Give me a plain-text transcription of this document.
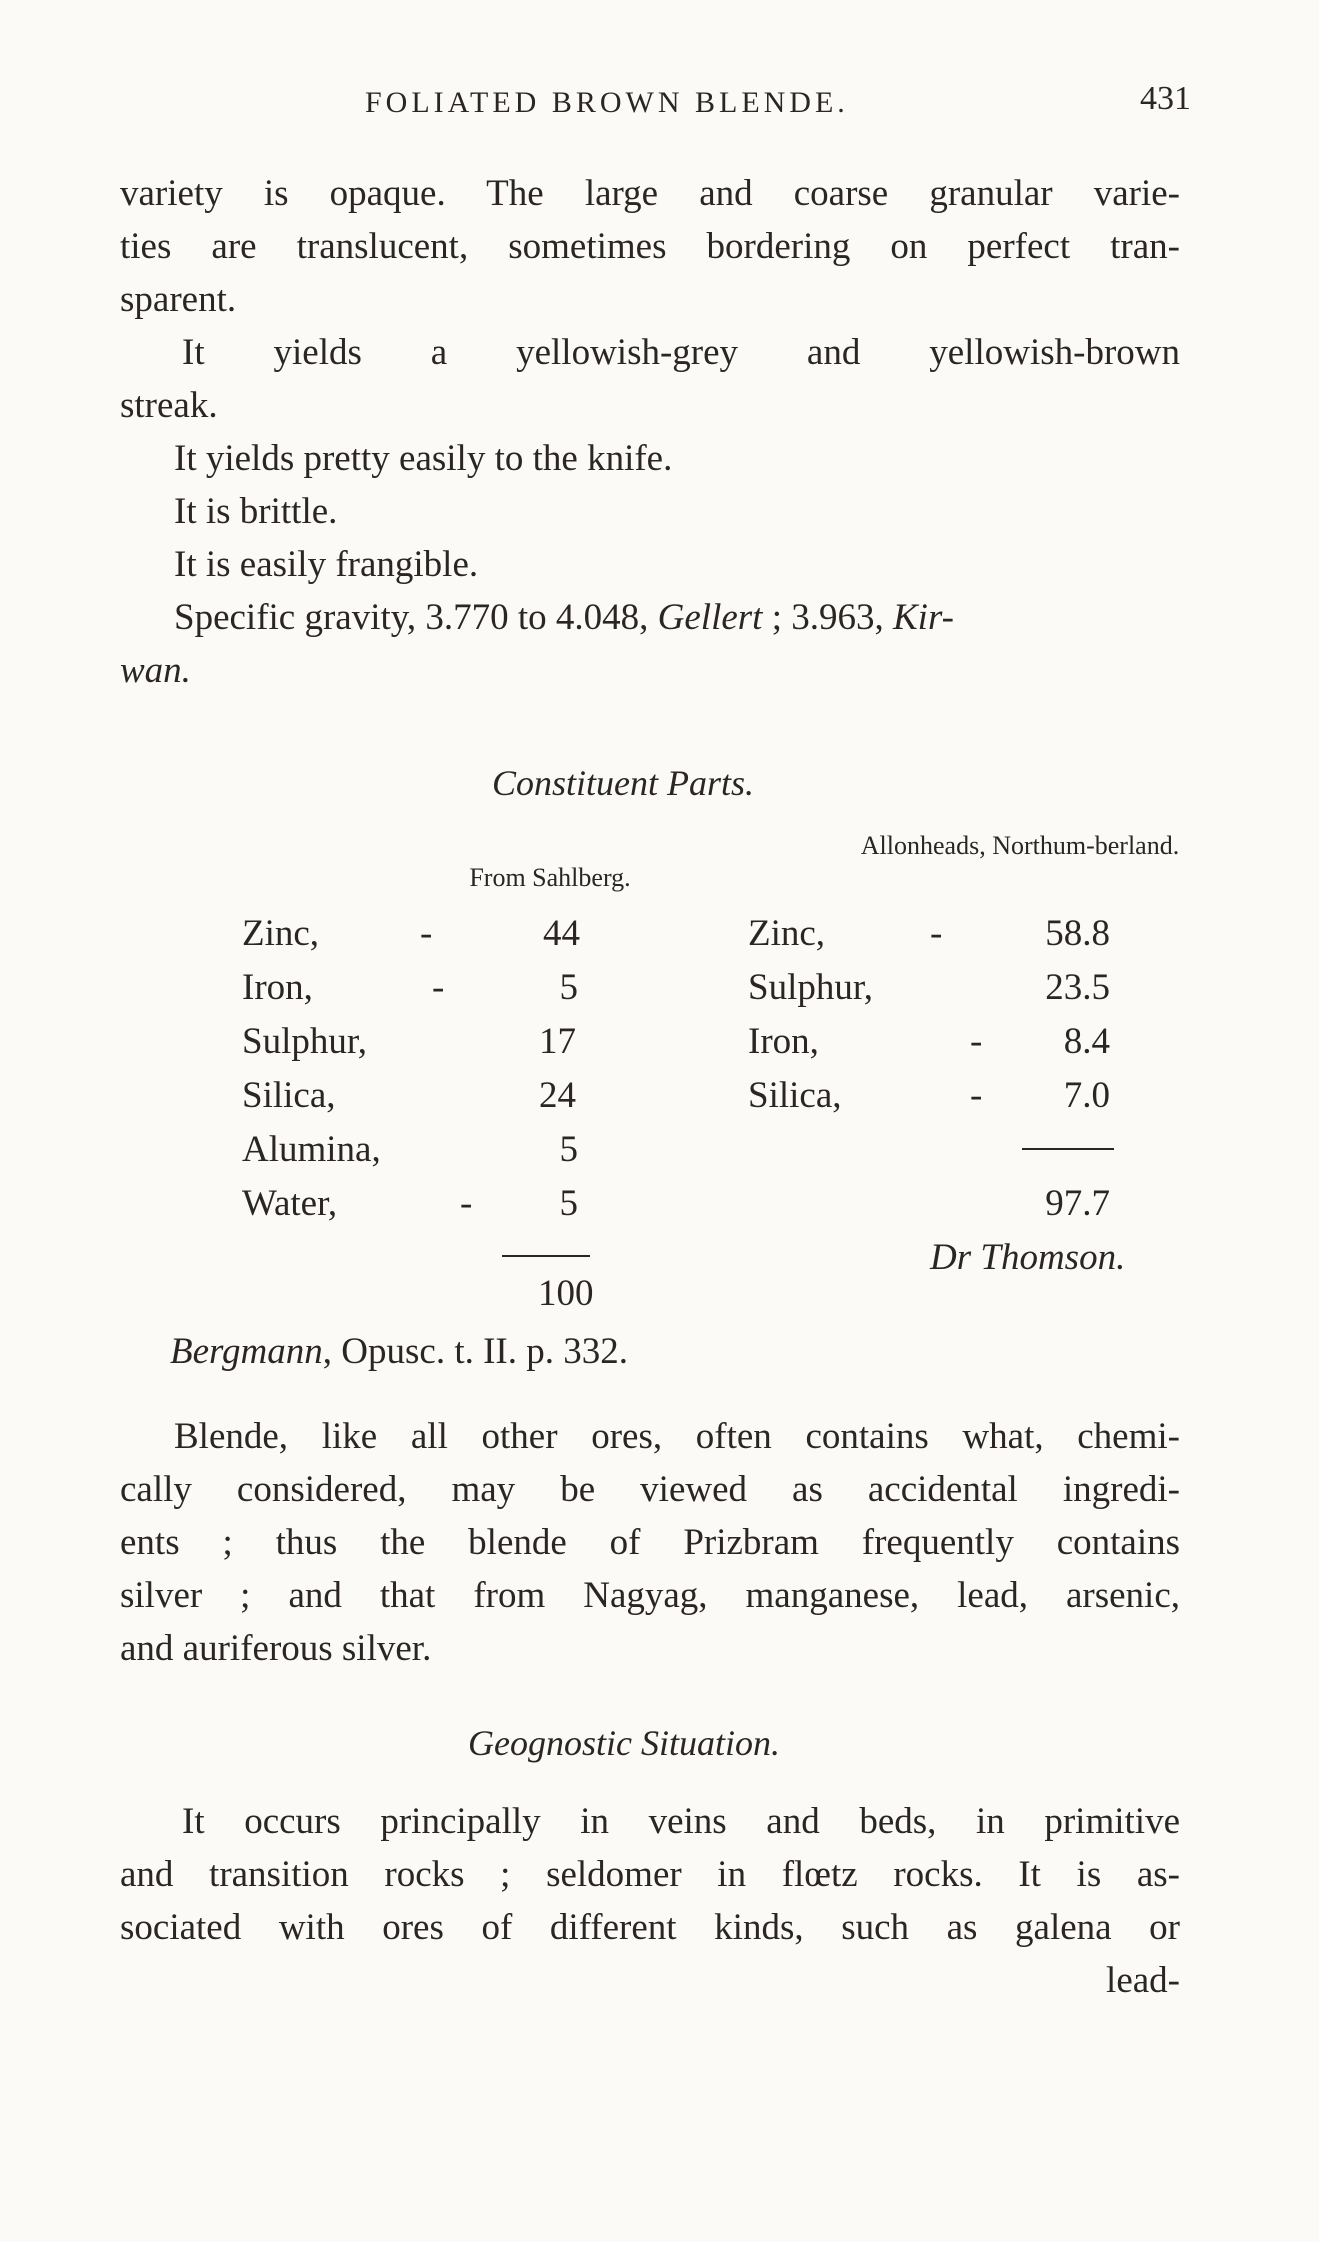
FOLIATED BROWN BLENDE.	431
variety is opaque. The large and coarse granular varie-
ties are translucent, sometimes bordering on perfect tran-
sparent.
It yields a yellowish-grey and yellowish-brown
streak.
It yields pretty easily to the knife.
It is brittle.
It is easily frangible.
Specific gravity, 3.770 to 4.048, Gellert ; 3.963, Kir-
wan.
Constituent Parts.
From Sahlberg.
Allonheads, Northum-berland.
Zinc,	-	44
Iron,	-	5
Sulphur,	17
Silica,	24
Alumina,	5
Water,	-	5
100
Bergmann, Opusc. t. II. p. 332.
Zinc,	-	58.8
Sulphur,	23.5
Iron,	-	8.4
Silica,	-	7.0
97.7
Dr Thomson.
Blende, like all other ores, often contains what, chemi-
cally considered, may be viewed as accidental ingredi-
ents ; thus the blende of Prizbram frequently contains
silver ; and that from Nagyag, manganese, lead, arsenic,
and auriferous silver.
Geognostic Situation.
It occurs principally in veins and beds, in primitive
and transition rocks ; seldomer in flœtz rocks. It is as-
sociated with ores of different kinds, such as galena or
lead-
